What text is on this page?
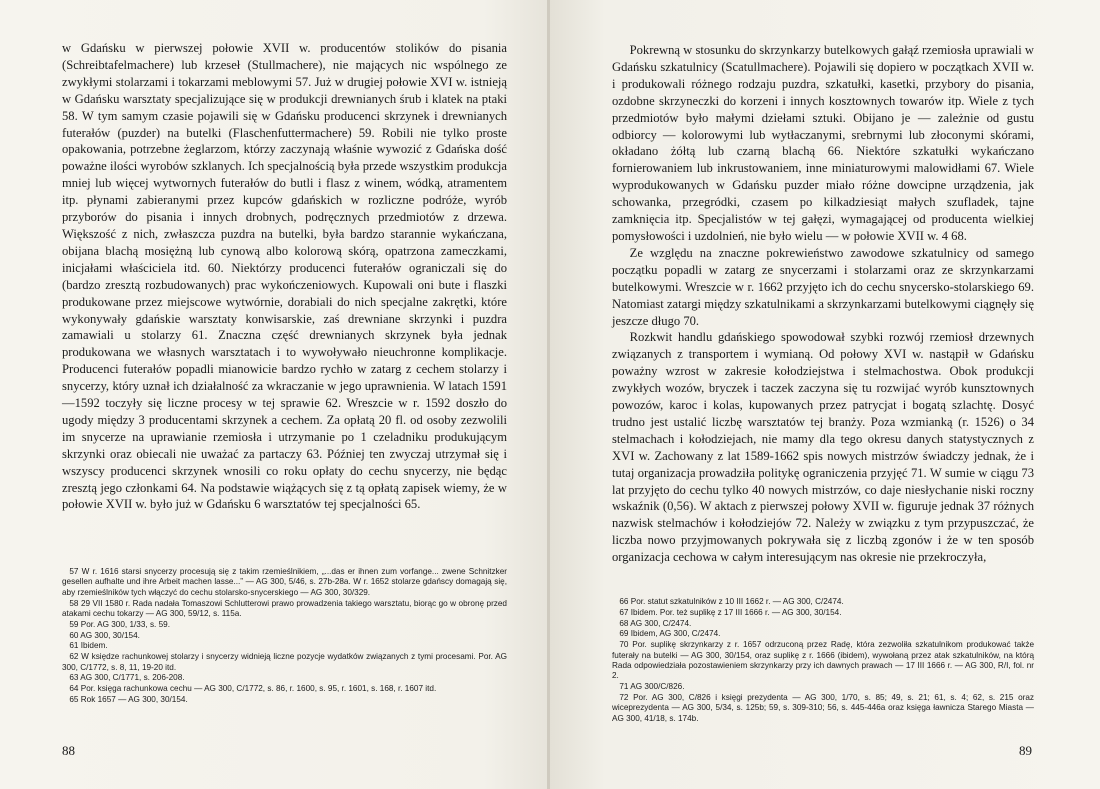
w Gdańsku w pierwszej połowie XVII w. producentów stolików do pisania (Schreibtafelmachere) lub krzeseł (Stullmachere), nie mających nic wspólnego ze zwykłymi stolarzami i tokarzami meblowymi 57. Już w drugiej połowie XVI w. istnieją w Gdańsku warsztaty specjalizujące się w produkcji drewnianych śrub i klatek na ptaki 58. W tym samym czasie pojawili się w Gdańsku producenci skrzynek i drewnianych futerałów (puzder) na butelki (Flaschenfuttermachere) 59. Robili nie tylko proste opakowania, potrzebne żeglarzom, którzy zaczynają właśnie wywozić z Gdańska dość poważne ilości wyrobów szklanych. Ich specjalnością była przede wszystkim produkcja mniej lub więcej wytwornych futerałów do butli i flasz z winem, wódką, atramentem itp. płynami zabieranymi przez kupców gdańskich w rozliczne podróże, wyrób przyborów do pisania i innych drobnych, podręcznych przedmiotów z drzewa. Większość z nich, zwłaszcza puzdra na butelki, była bardzo starannie wykańczana, obijana blachą mosiężną lub cynową albo kolorową skórą, opatrzona zameczkami, inicjałami właściciela itd. 60. Niektórzy producenci futerałów ograniczali się do (bardzo zresztą rozbudowanych) prac wykończeniowych. Kupowali oni bute i flaszki produkowane przez miejscowe wytwórnie, dorabiali do nich specjalne zakrętki, które wykonywały gdańskie warsztaty konwisarskie, zaś drewniane skrzynki i puzdra zamawiali u stolarzy 61. Znaczna część drewnianych skrzynek była jednak produkowana we własnych warsztatach i to wywoływało nieuchronne komplikacje. Producenci futerałów popadli mianowicie bardzo rychło w zatarg z cechem stolarzy i snycerzy, który uznał ich działalność za wkraczanie w jego uprawnienia. W latach 1591—1592 toczyły się liczne procesy w tej sprawie 62. Wreszcie w r. 1592 doszło do ugody między 3 producentami skrzynek a cechem. Za opłatą 20 fl. od osoby zezwolili im snycerze na uprawianie rzemiosła i utrzymanie po 1 czeladniku produkującym skrzynki oraz obiecali nie uważać za partaczy 63. Później ten zwyczaj utrzymał się i wszyscy producenci skrzynek wnosili co roku opłaty do cechu snycerzy, nie będąc zresztą jego członkami 64. Na podstawie wiążących się z tą opłatą zapisek wiemy, że w połowie XVII w. było już w Gdańsku 6 warsztatów tej specjalności 65.

57 W r. 1616 starsi snycerzy procesują się z takim rzemieślnikiem, „...das er ihnen zum vorfange... zwene Schnitzker gesellen aufhalte und ihre Arbeit machen lasse...” — AG 300, 5/46, s. 27b-28a. W r. 1652 stolarze gdańscy domagają się, aby rzemieślników tych włączyć do cechu stolarsko-snycerskiego — AG 300, 30/329.

58 29 VII 1580 r. Rada nadała Tomaszowi Schlutterowi prawo prowadzenia takiego warsztatu, biorąc go w obronę przed atakami cechu tokarzy — AG 300, 59/12, s. 115a.

59 Por. AG 300, 1/33, s. 59.

60 AG 300, 30/154.

61 Ibidem.

62 W księdze rachunkowej stolarzy i snycerzy widnieją liczne pozycje wydatków związanych z tymi procesami. Por. AG 300, C/1772, s. 8, 11, 19-20 itd.

63 AG 300, C/1771, s. 206-208.

64 Por. księga rachunkowa cechu — AG 300, C/1772, s. 86, r. 1600, s. 95, r. 1601, s. 168, r. 1607 itd.

65 Rok 1657 — AG 300, 30/154.

88

Pokrewną w stosunku do skrzynkarzy butelkowych gałąź rzemiosła uprawiali w Gdańsku szkatulnicy (Scatullmachere). Pojawili się dopiero w początkach XVII w. i produkowali różnego rodzaju puzdra, szkatułki, kasetki, przybory do pisania, ozdobne skrzyneczki do korzeni i innych kosztownych towarów itp. Wiele z tych przedmiotów było małymi dziełami sztuki. Obijano je — zależnie od gustu odbiorcy — kolorowymi lub wytłaczanymi, srebrnymi lub złoconymi skórami, okładano żółtą lub czarną blachą 66. Niektóre szkatułki wykańczano fornierowaniem lub inkrustowaniem, inne miniaturowymi malowidłami 67. Wiele wyprodukowanych w Gdańsku puzder miało różne dowcipne urządzenia, jak schowanka, przegródki, czasem po kilkadziesiąt małych szufladek, tajne zamknięcia itp. Specjalistów w tej gałęzi, wymagającej od producenta wielkiej pomysłowości i uzdolnień, nie było wielu — w połowie XVII w. 4 68.

Ze względu na znaczne pokrewieństwo zawodowe szkatulnicy od samego początku popadli w zatarg ze snycerzami i stolarzami oraz ze skrzynkarzami butelkowymi. Wreszcie w r. 1662 przyjęto ich do cechu snycersko-stolarskiego 69. Natomiast zatargi między szkatulnikami a skrzynkarzami butelkowymi ciągnęły się jeszcze długo 70.

Rozkwit handlu gdańskiego spowodował szybki rozwój rzemiosł drzewnych związanych z transportem i wymianą. Od połowy XVI w. nastąpił w Gdańsku poważny wzrost w zakresie kołodziejstwa i stelmachostwa. Obok produkcji zwykłych wozów, bryczek i taczek zaczyna się tu rozwijać wyrób kunsztownych powozów, karoc i kolas, kupowanych przez patrycjat i bogatą szlachtę. Dosyć trudno jest ustalić liczbę warsztatów tej branży. Poza wzmianką (r. 1526) o 34 stelmachach i kołodziejach, nie mamy dla tego okresu danych statystycznych z XVI w. Zachowany z lat 1589-1662 spis nowych mistrzów świadczy jednak, że i tutaj organizacja prowadziła politykę ograniczenia przyjęć 71. W sumie w ciągu 73 lat przyjęto do cechu tylko 40 nowych mistrzów, co daje niesłychanie niski roczny wskaźnik (0,56). W aktach z pierwszej połowy XVII w. figuruje jednak 37 różnych nazwisk stelmachów i kołodziejów 72. Należy w związku z tym przypuszczać, że liczba nowo przyjmowanych pokrywała się z liczbą zgonów i że w ten sposób organizacja cechowa w całym interesującym nas okresie nie przekroczyła,

66 Por. statut szkatulników z 10 III 1662 r. — AG 300, C/2474.

67 Ibidem. Por. też suplikę z 17 III 1666 r. — AG 300, 30/154.

68 AG 300, C/2474.

69 Ibidem, AG 300, C/2474.

70 Por. suplikę skrzynkarzy z r. 1657 odrzuconą przez Radę, która zezwoliła szkatulnikom produkować także futerały na butelki — AG 300, 30/154, oraz suplikę z r. 1666 (ibidem), wywołaną przez atak szkatulników, na którą Rada odpowiedziała pozostawieniem skrzynkarzy przy ich dawnych prawach — 17 III 1666 r. — AG 300, R/I, fol. nr 2.

71 AG 300/C/826.

72 Por. AG 300, C/826 i księgi prezydenta — AG 300, 1/70, s. 85; 49, s. 21; 61, s. 4; 62, s. 215 oraz wiceprezydenta — AG 300, 5/34, s. 125b; 59, s. 309-310; 56, s. 445-446a oraz księga ławnicza Starego Miasta — AG 300, 41/18, s. 174b.

89
